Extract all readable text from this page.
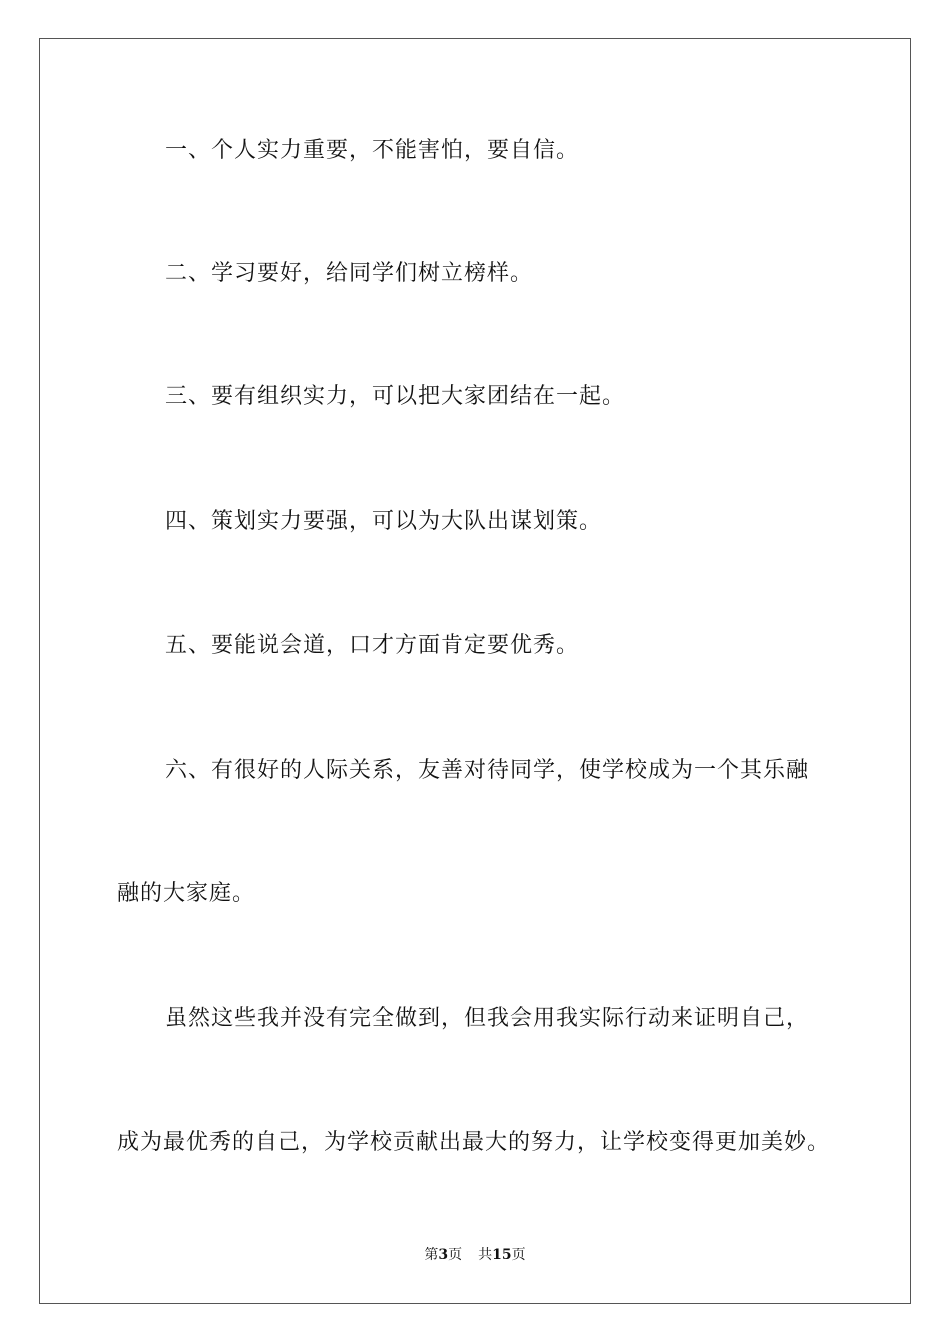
一、个人实力重要，不能害怕，要自信。
二、学习要好，给同学们树立榜样。
三、要有组织实力，可以把大家团结在一起。
四、策划实力要强，可以为大队出谋划策。
五、要能说会道，口才方面肯定要优秀。
六、有很好的人际关系，友善对待同学，使学校成为一个其乐融
融的大家庭。
虽然这些我并没有完全做到，但我会用我实际行动来证明自己，
成为最优秀的自己，为学校贡献出最大的努力，让学校变得更加美妙。
第3页 共15页
